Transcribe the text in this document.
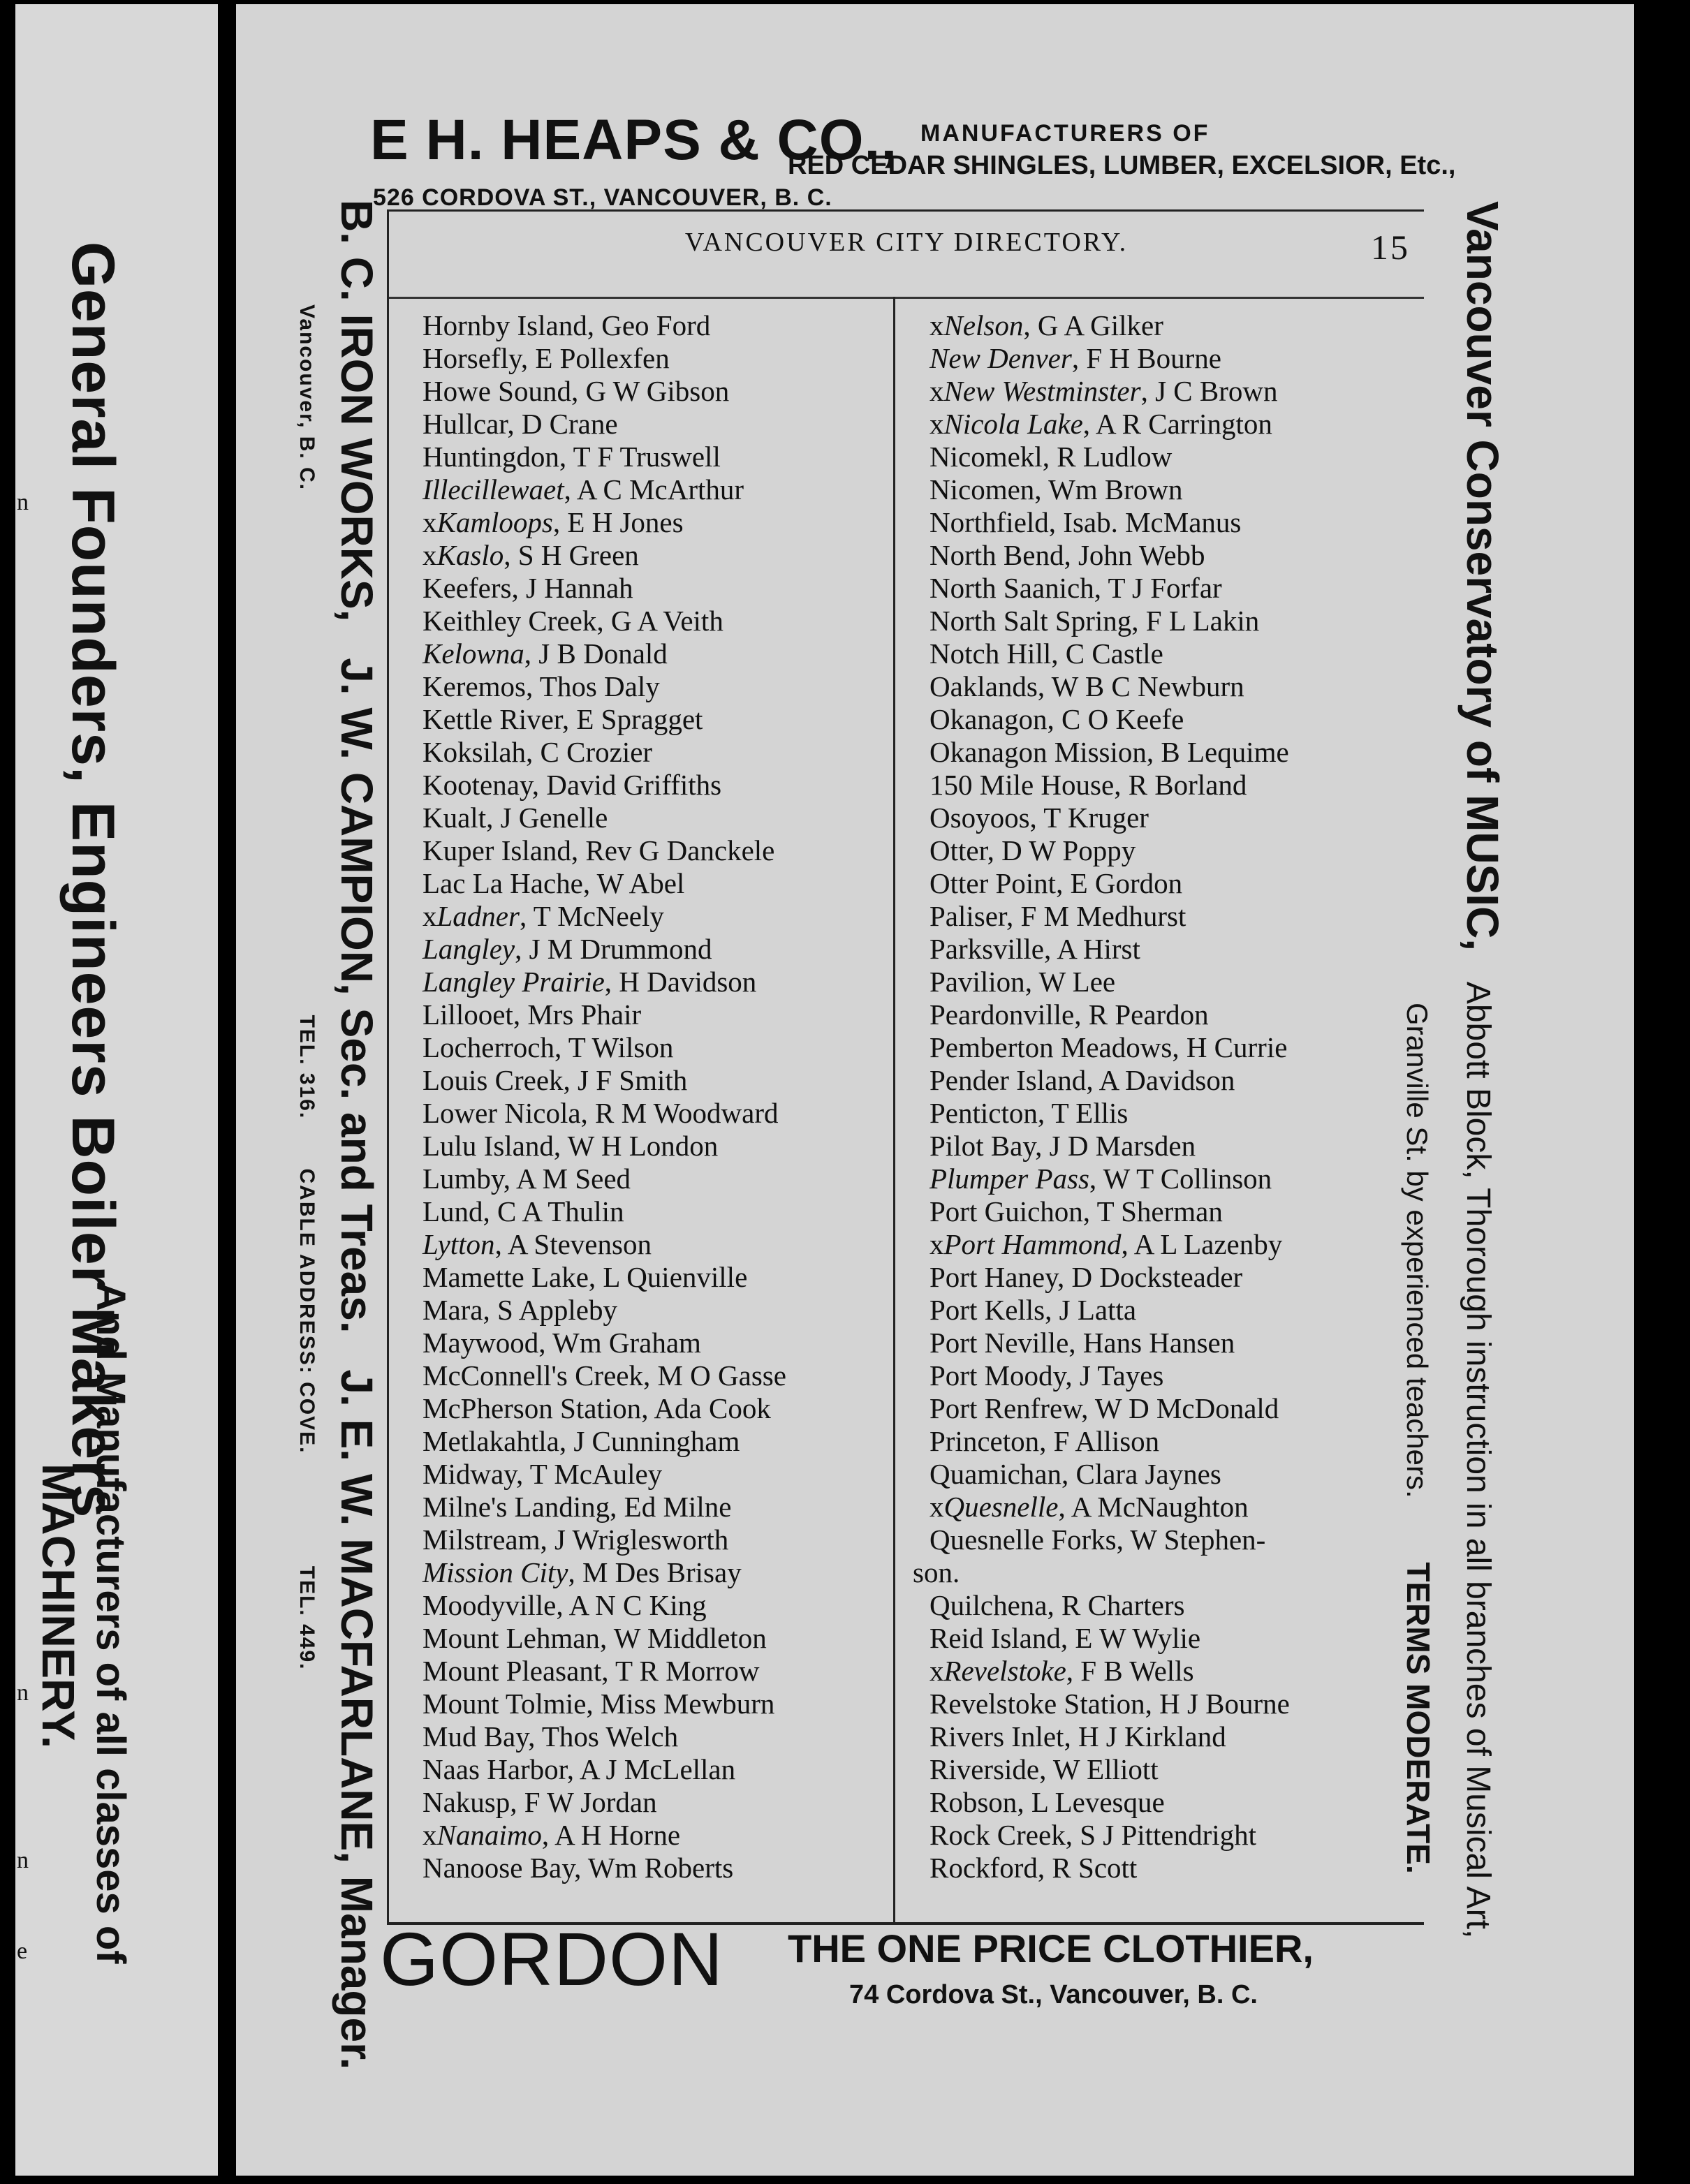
General Founders, Engineers Boiler Makers
And Manufacturers of all classes of
MACHINERY.
n
n
n
e
E H. HEAPS & CO., MANUFACTURERS OF
RED CEDAR SHINGLES, LUMBER, EXCELSIOR, Etc.,
526 CORDOVA ST., VANCOUVER, B. C.
B. C. IRON WORKS, J. W. CAMPION, Sec. and Treas. J. E. W. MACFARLANE, Manager.
Vancouver, B. C. TEL. 316. CABLE ADDRESS: COVE. TEL. 449.
Vancouver Conservatory of MUSIC, Abbott Block, Thorough instruction in all branches of Musical Art,
Granville St. by experienced teachers. TERMS MODERATE.
VANCOUVER CITY DIRECTORY.	15
Hornby Island, Geo Ford
Horsefly, E Pollexfen
Howe Sound, G W Gibson
Hullcar, D Crane
Huntingdon, T F Truswell
Illecillewaet, A C McArthur
xKamloops, E H Jones
xKaslo, S H Green
Keefers, J Hannah
Keithley Creek, G A Veith
Kelowna, J B Donald
Keremos, Thos Daly
Kettle River, E Spragget
Koksilah, C Crozier
Kootenay, David Griffiths
Kualt, J Genelle
Kuper Island, Rev G Danckele
Lac La Hache, W Abel
xLadner, T McNeely
Langley, J M Drummond
Langley Prairie, H Davidson
Lillooet, Mrs Phair
Locherroch, T Wilson
Louis Creek, J F Smith
Lower Nicola, R M Woodward
Lulu Island, W H London
Lumby, A M Seed
Lund, C A Thulin
Lytton, A Stevenson
Mamette Lake, L Quienville
Mara, S Appleby
Maywood, Wm Graham
McConnell's Creek, M O Gasse
McPherson Station, Ada Cook
Metlakahtla, J Cunningham
Midway, T McAuley
Milne's Landing, Ed Milne
Milstream, J Wriglesworth
Mission City, M Des Brisay
Moodyville, A N C King
Mount Lehman, W Middleton
Mount Pleasant, T R Morrow
Mount Tolmie, Miss Mewburn
Mud Bay, Thos Welch
Naas Harbor, A J McLellan
Nakusp, F W Jordan
xNanaimo, A H Horne
Nanoose Bay, Wm Roberts
xNelson, G A Gilker
New Denver, F H Bourne
xNew Westminster, J C Brown
xNicola Lake, A R Carrington
Nicomekl, R Ludlow
Nicomen, Wm Brown
Northfield, Isab. McManus
North Bend, John Webb
North Saanich, T J Forfar
North Salt Spring, F L Lakin
Notch Hill, C Castle
Oaklands, W B C Newburn
Okanagon, C O Keefe
Okanagon Mission, B Lequime
150 Mile House, R Borland
Osoyoos, T Kruger
Otter, D W Poppy
Otter Point, E Gordon
Paliser, F M Medhurst
Parksville, A Hirst
Pavilion, W Lee
Peardonville, R Peardon
Pemberton Meadows, H Currie
Pender Island, A Davidson
Penticton, T Ellis
Pilot Bay, J D Marsden
Plumper Pass, W T Collinson
Port Guichon, T Sherman
xPort Hammond, A L Lazenby
Port Haney, D Docksteader
Port Kells, J Latta
Port Neville, Hans Hansen
Port Moody, J Tayes
Port Renfrew, W D McDonald
Princeton, F Allison
Quamichan, Clara Jaynes
xQuesnelle, A McNaughton
Quesnelle Forks, W Stephen-
son.
Quilchena, R Charters
Reid Island, E W Wylie
xRevelstoke, F B Wells
Revelstoke Station, H J Bourne
Rivers Inlet, H J Kirkland
Riverside, W Elliott
Robson, L Levesque
Rock Creek, S J Pittendright
Rockford, R Scott
GORDON THE ONE PRICE CLOTHIER,
74 Cordova St., Vancouver, B. C.
